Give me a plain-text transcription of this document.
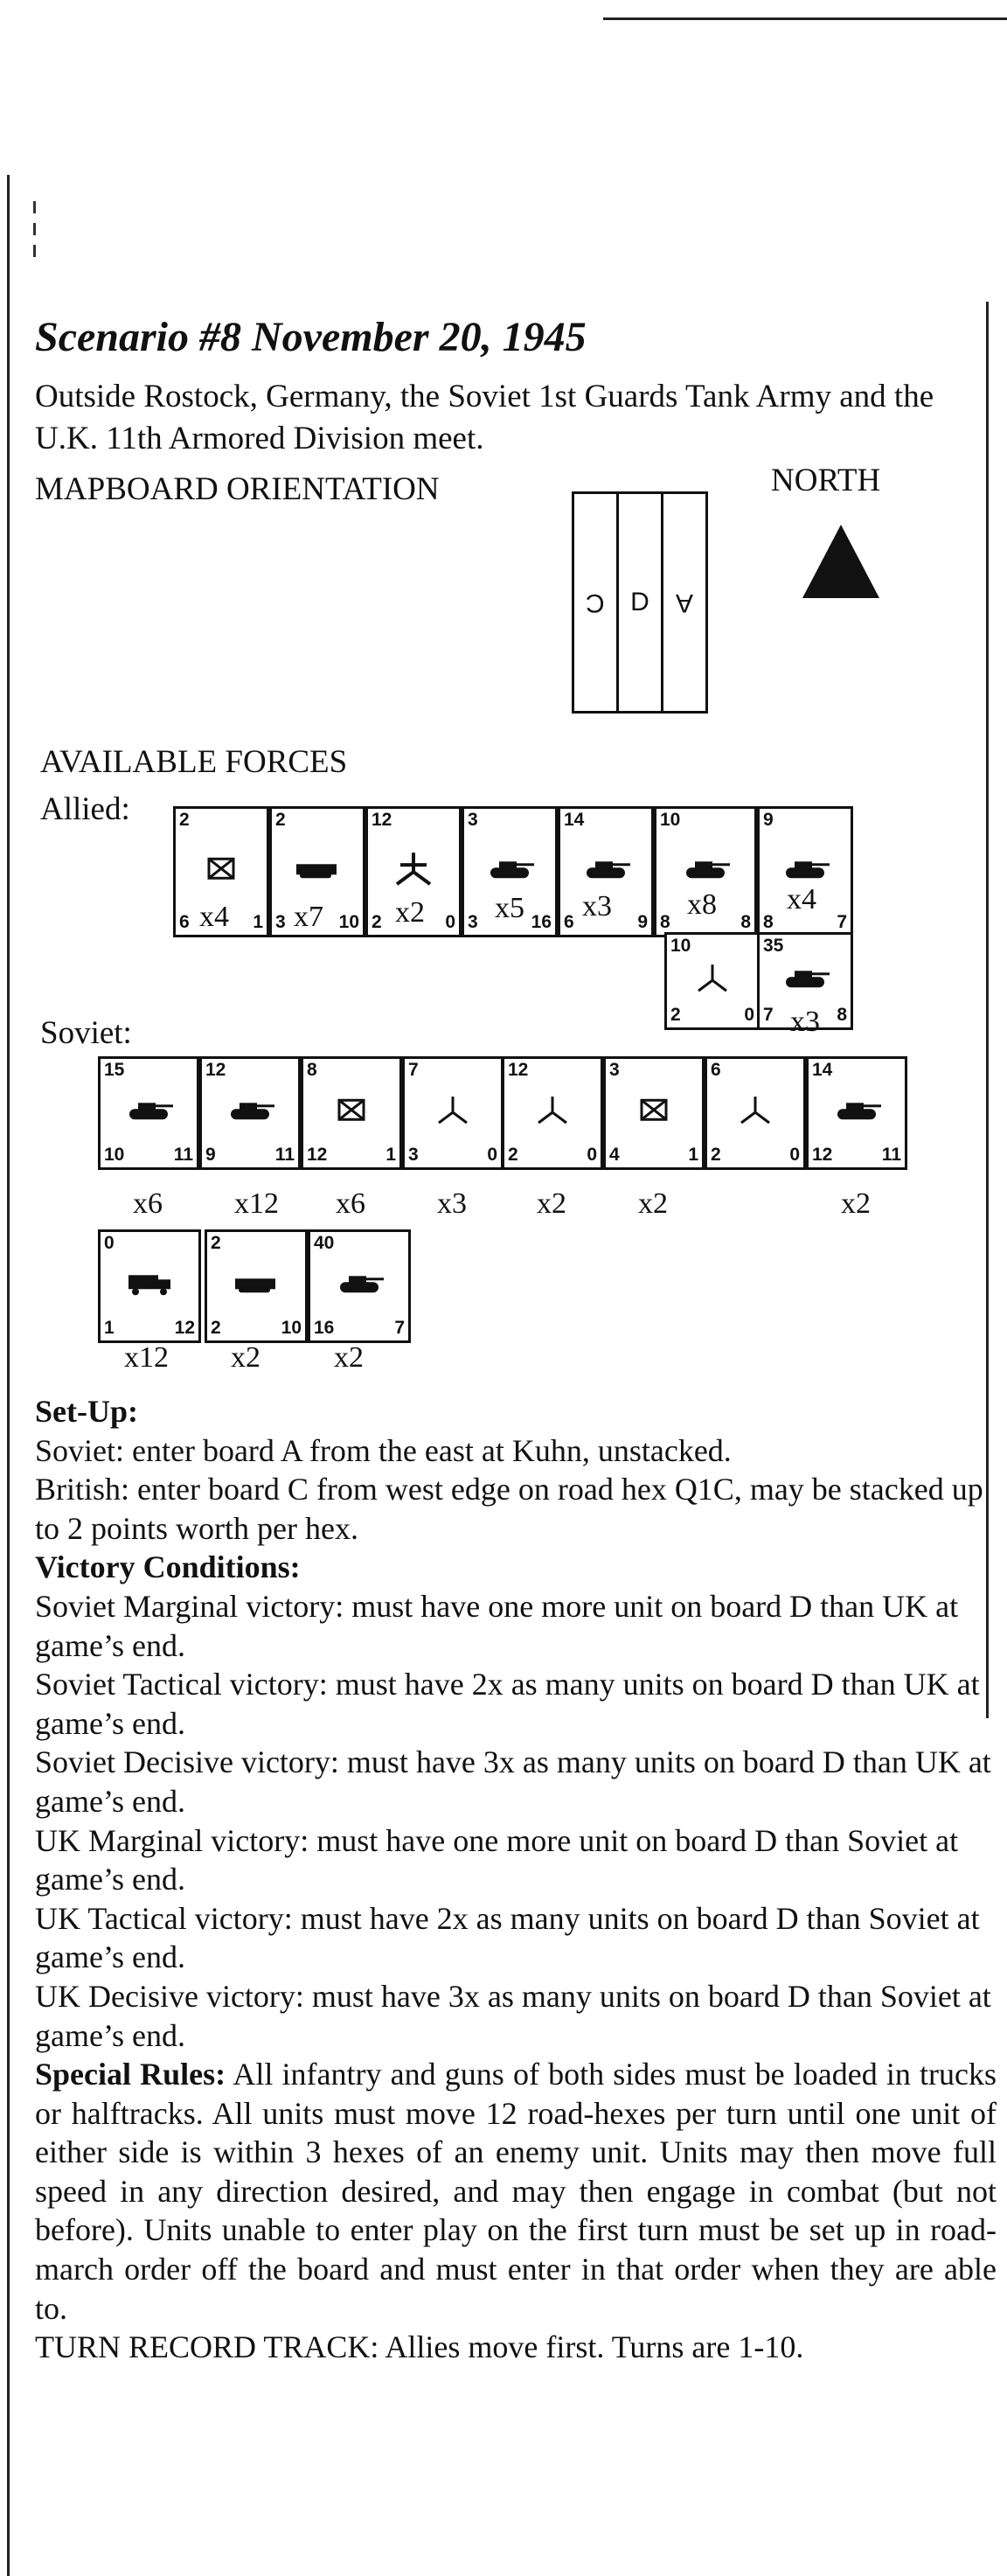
Scenario #8 November 20, 1945
Outside Rostock, Germany, the Soviet 1st Guards Tank Army and the U.K. 11th Armored Division meet.
MAPBOARD ORIENTATION
C D A
NORTH
AVAILABLE FORCES
Allied:
Soviet:
2
6	1
x4
2
3	10
x7
12
2	0
x2
3
3	16
x5
14
6	9
x3
10
8	8
x8
9
8	7
x4
10
2	0
35
7	8
x3
15
10	11
x6
12
9	11
x12
8
12	1
x6
7
3	0
x3
12
2	0
x2
3
4	1
x2
6
2	0
14
12	11
x2
0
1	12
x12
2
2	10
x2
40
16	7
x2

Set-Up:

Soviet: enter board A from the east at Kuhn, unstacked.

British: enter board C from west edge on road hex Q1C, may be stacked up to 2 points worth per hex.

Victory Conditions:

Soviet Marginal victory: must have one more unit on board D than UK at game’s end.

Soviet Tactical victory: must have 2x as many units on board D than UK at game’s end.

Soviet Decisive victory: must have 3x as many units on board D than UK at game’s end.

UK Marginal victory: must have one more unit on board D than Soviet at game’s end.

UK Tactical victory: must have 2x as many units on board D than Soviet at game’s end.

UK Decisive victory: must have 3x as many units on board D than Soviet at game’s end.

Special Rules: All infantry and guns of both sides must be loaded in trucks or halftracks. All units must move 12 road-hexes per turn until one unit of either side is within 3 hexes of an enemy unit. Units may then move full speed in any direction desired, and may then engage in combat (but not before). Units unable to enter play on the first turn must be set up in road-march order off the board and must enter in that order when they are able to.

TURN RECORD TRACK: Allies move first. Turns are 1-10.
